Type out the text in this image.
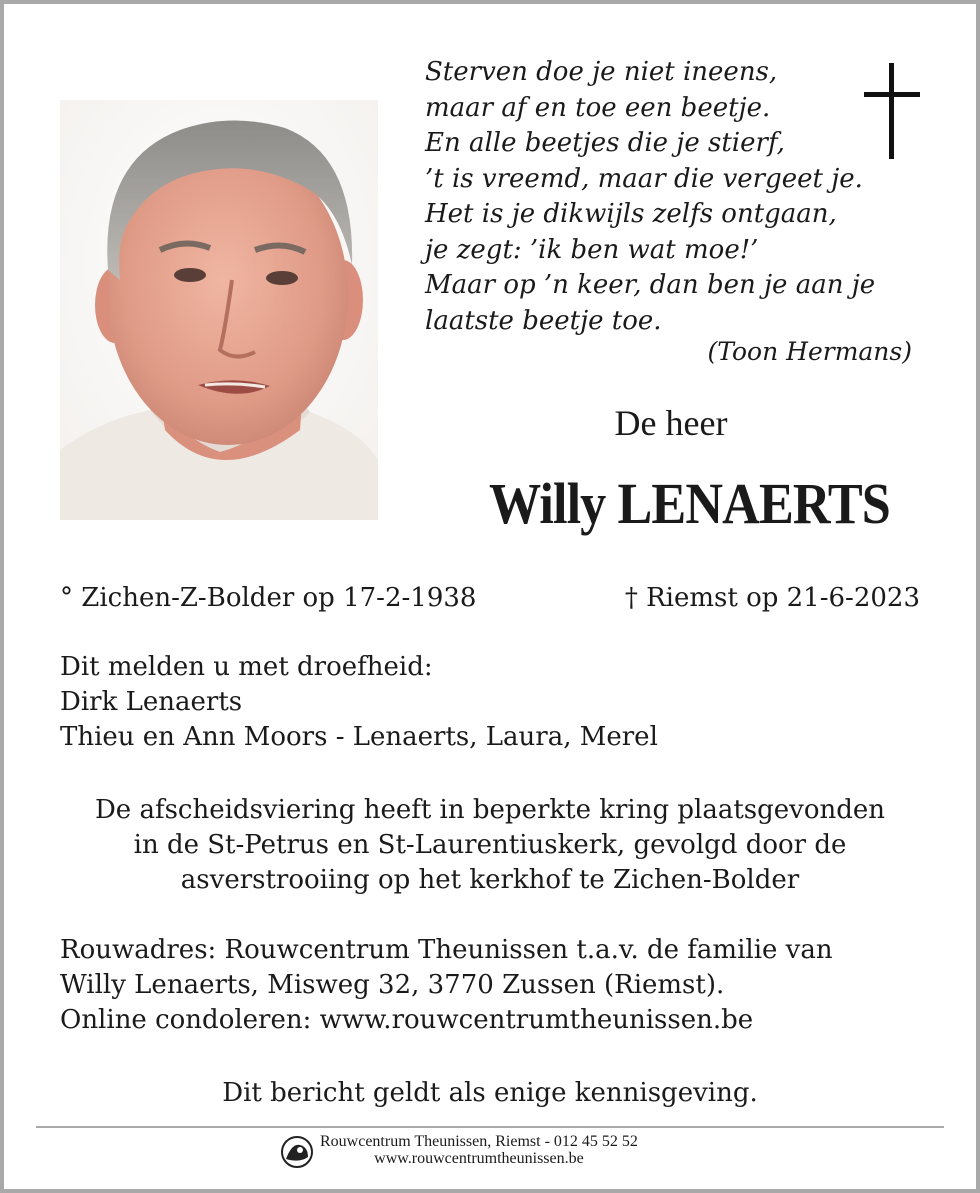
Sterven doe je niet ineens,
maar af en toe een beetje.
En alle beetjes die je stierf,
’t is vreemd, maar die vergeet je.
Het is je dikwijls zelfs ontgaan,
je zegt: ’ik ben wat moe!’
Maar op ’n keer, dan ben je aan je
laatste beetje toe.
(Toon Hermans)
De heer
Willy LENAERTS
° Zichen-Z-Bolder op 17-2-1938	† Riemst op 21-6-2023
Dit melden u met droefheid:
Dirk Lenaerts
Thieu en Ann Moors - Lenaerts, Laura, Merel
De afscheidsviering heeft in beperkte kring plaatsgevonden
in de St-Petrus en St-Laurentiuskerk, gevolgd door de
asverstrooiing op het kerkhof te Zichen-Bolder
Rouwadres: Rouwcentrum Theunissen t.a.v. de familie van
Willy Lenaerts, Misweg 32, 3770 Zussen (Riemst).
Online condoleren: www.rouwcentrumtheunissen.be
Dit bericht geldt als enige kennisgeving.
Rouwcentrum Theunissen, Riemst - 012 45 52 52
www.rouwcentrumtheunissen.be
